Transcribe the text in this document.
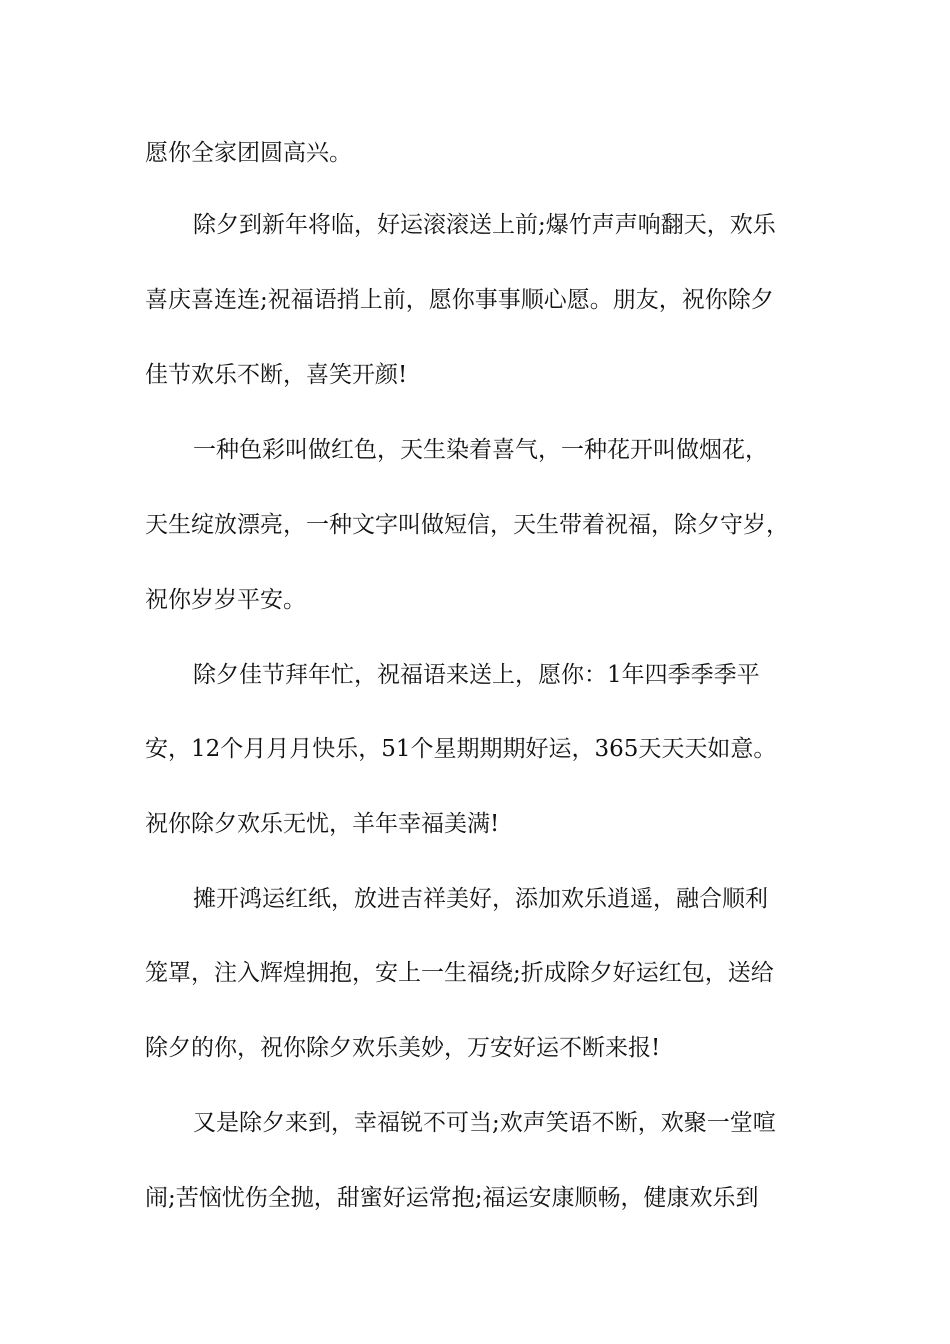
愿你全家团圆高兴。

除夕到新年将临，好运滚滚送上前;爆竹声声响翻天，欢乐

喜庆喜连连;祝福语捎上前，愿你事事顺心愿。朋友，祝你除夕

佳节欢乐不断，喜笑开颜!

一种色彩叫做红色，天生染着喜气，一种花开叫做烟花，

天生绽放漂亮，一种文字叫做短信，天生带着祝福，除夕守岁，

祝你岁岁平安。

除夕佳节拜年忙，祝福语来送上，愿你：1年四季季季平

安，12个月月月快乐，51个星期期期好运，365天天天如意。

祝你除夕欢乐无忧，羊年幸福美满!

摊开鸿运红纸，放进吉祥美好，添加欢乐逍遥，融合顺利

笼罩，注入辉煌拥抱，安上一生福绕;折成除夕好运红包，送给

除夕的你，祝你除夕欢乐美妙，万安好运不断来报!

又是除夕来到，幸福锐不可当;欢声笑语不断，欢聚一堂喧

闹;苦恼忧伤全抛，甜蜜好运常抱;福运安康顺畅，健康欢乐到
